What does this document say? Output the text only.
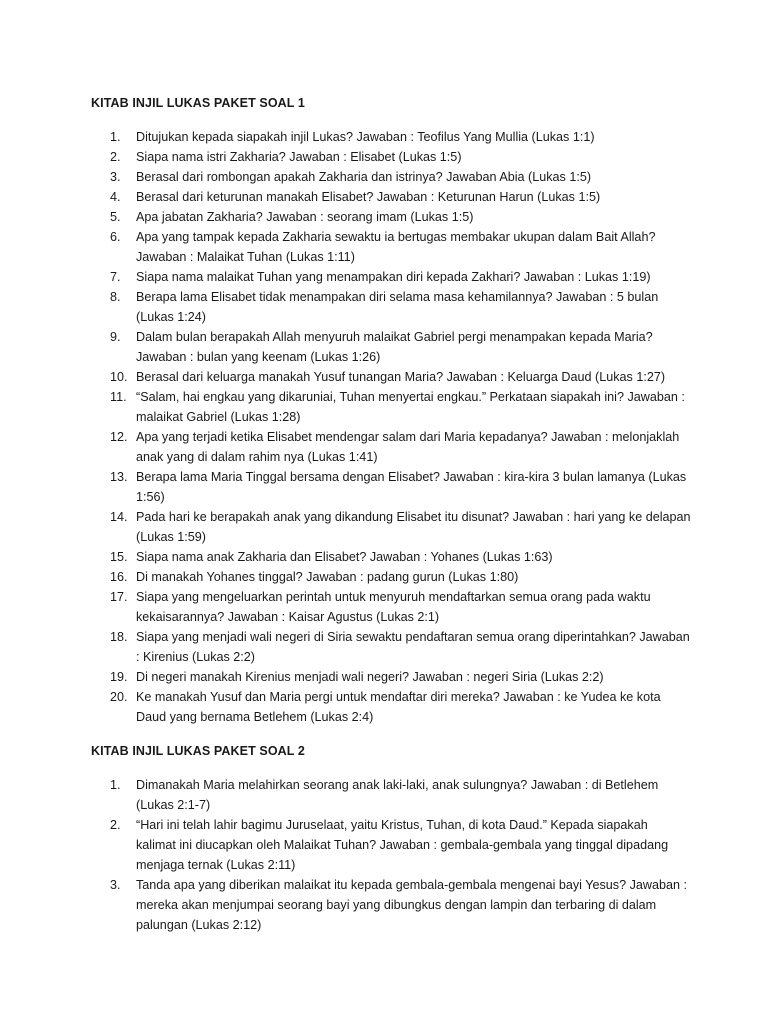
KITAB INJIL LUKAS PAKET SOAL 1
1.	Ditujukan kepada siapakah injil Lukas? Jawaban : Teofilus Yang Mullia (Lukas 1:1)
2.	Siapa nama istri Zakharia? Jawaban : Elisabet (Lukas 1:5)
3.	Berasal dari rombongan apakah Zakharia dan istrinya? Jawaban Abia (Lukas 1:5)
4.	Berasal dari keturunan manakah Elisabet? Jawaban : Keturunan Harun (Lukas 1:5)
5.	Apa jabatan Zakharia? Jawaban : seorang imam (Lukas 1:5)
6.	Apa yang tampak kepada Zakharia sewaktu ia bertugas membakar ukupan dalam Bait Allah? Jawaban : Malaikat Tuhan (Lukas 1:11)
7.	Siapa nama malaikat Tuhan yang menampakan diri kepada Zakhari? Jawaban : Lukas 1:19)
8.	Berapa lama Elisabet tidak menampakan diri selama masa kehamilannya? Jawaban : 5 bulan (Lukas 1:24)
9.	Dalam bulan berapakah Allah menyuruh malaikat Gabriel pergi menampakan kepada Maria? Jawaban : bulan yang keenam (Lukas 1:26)
10. Berasal dari keluarga manakah Yusuf tunangan Maria? Jawaban : Keluarga Daud (Lukas 1:27)
11. “Salam, hai engkau yang dikaruniai, Tuhan menyertai engkau.” Perkataan siapakah ini? Jawaban : malaikat Gabriel (Lukas 1:28)
12. Apa yang terjadi ketika Elisabet mendengar salam dari Maria kepadanya? Jawaban : melonjaklah anak yang di dalam rahim nya (Lukas 1:41)
13. Berapa lama Maria Tinggal bersama dengan Elisabet? Jawaban : kira-kira 3 bulan lamanya (Lukas 1:56)
14. Pada hari ke berapakah anak yang dikandung Elisabet itu disunat? Jawaban : hari yang ke delapan (Lukas 1:59)
15. Siapa nama anak Zakharia dan Elisabet? Jawaban : Yohanes (Lukas 1:63)
16. Di manakah Yohanes tinggal? Jawaban : padang gurun (Lukas 1:80)
17. Siapa yang mengeluarkan perintah untuk menyuruh mendaftarkan semua orang pada waktu kekaisarannya? Jawaban : Kaisar Agustus (Lukas 2:1)
18. Siapa yang menjadi wali negeri di Siria sewaktu pendaftaran semua orang diperintahkan? Jawaban : Kirenius (Lukas 2:2)
19. Di negeri manakah Kirenius menjadi wali negeri? Jawaban : negeri Siria (Lukas 2:2)
20. Ke manakah Yusuf dan Maria pergi untuk mendaftar diri mereka? Jawaban : ke Yudea ke kota Daud yang bernama Betlehem (Lukas 2:4)
KITAB INJIL LUKAS PAKET SOAL 2
1.	Dimanakah Maria melahirkan seorang anak laki-laki, anak sulungnya? Jawaban : di Betlehem (Lukas 2:1-7)
2.	“Hari ini telah lahir bagimu Juruselaat, yaitu Kristus, Tuhan, di kota Daud.” Kepada siapakah kalimat ini diucapkan oleh Malaikat Tuhan? Jawaban : gembala-gembala yang tinggal dipadang menjaga ternak (Lukas 2:11)
3.	Tanda apa yang diberikan malaikat itu kepada gembala-gembala mengenai bayi Yesus? Jawaban : mereka akan menjumpai seorang bayi yang dibungkus dengan lampin dan terbaring di dalam palungan (Lukas 2:12)
